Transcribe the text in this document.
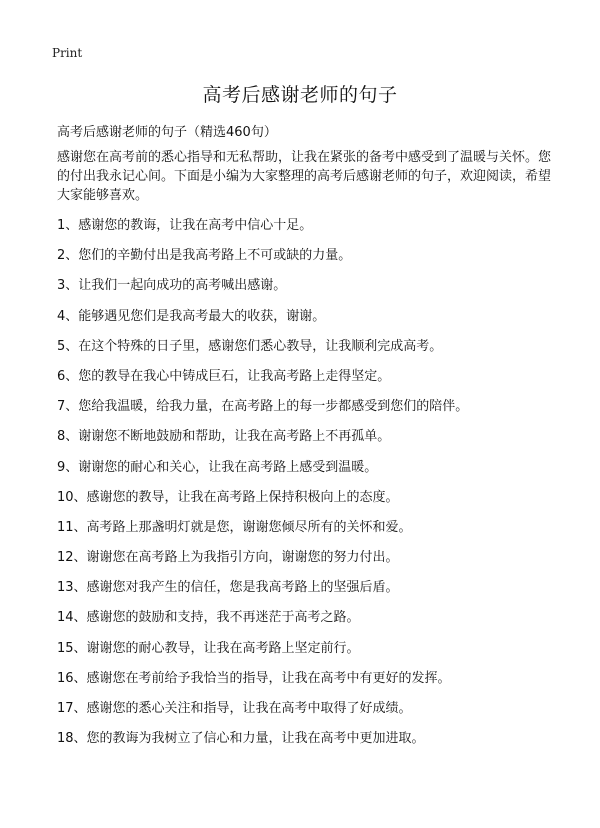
Print
高考后感谢老师的句子

高考后感谢老师的句子（精选460句）

感谢您在高考前的悉心指导和无私帮助，让我在紧张的备考中感受到了温暖与关怀。您的付出我永记心间。下面是小编为大家整理的高考后感谢老师的句子，欢迎阅读，希望大家能够喜欢。

1、感谢您的教诲，让我在高考中信心十足。
2、您们的辛勤付出是我高考路上不可或缺的力量。
3、让我们一起向成功的高考喊出感谢。
4、能够遇见您们是我高考最大的收获，谢谢。
5、在这个特殊的日子里，感谢您们悉心教导，让我顺利完成高考。
6、您的教导在我心中铸成巨石，让我高考路上走得坚定。
7、您给我温暖，给我力量，在高考路上的每一步都感受到您们的陪伴。
8、谢谢您不断地鼓励和帮助，让我在高考路上不再孤单。
9、谢谢您的耐心和关心，让我在高考路上感受到温暖。
10、感谢您的教导，让我在高考路上保持积极向上的态度。
11、高考路上那盏明灯就是您，谢谢您倾尽所有的关怀和爱。
12、谢谢您在高考路上为我指引方向，谢谢您的努力付出。
13、感谢您对我产生的信任，您是我高考路上的坚强后盾。
14、感谢您的鼓励和支持，我不再迷茫于高考之路。
15、谢谢您的耐心教导，让我在高考路上坚定前行。
16、感谢您在考前给予我恰当的指导，让我在高考中有更好的发挥。
17、感谢您的悉心关注和指导，让我在高考中取得了好成绩。
18、您的教诲为我树立了信心和力量，让我在高考中更加进取。
